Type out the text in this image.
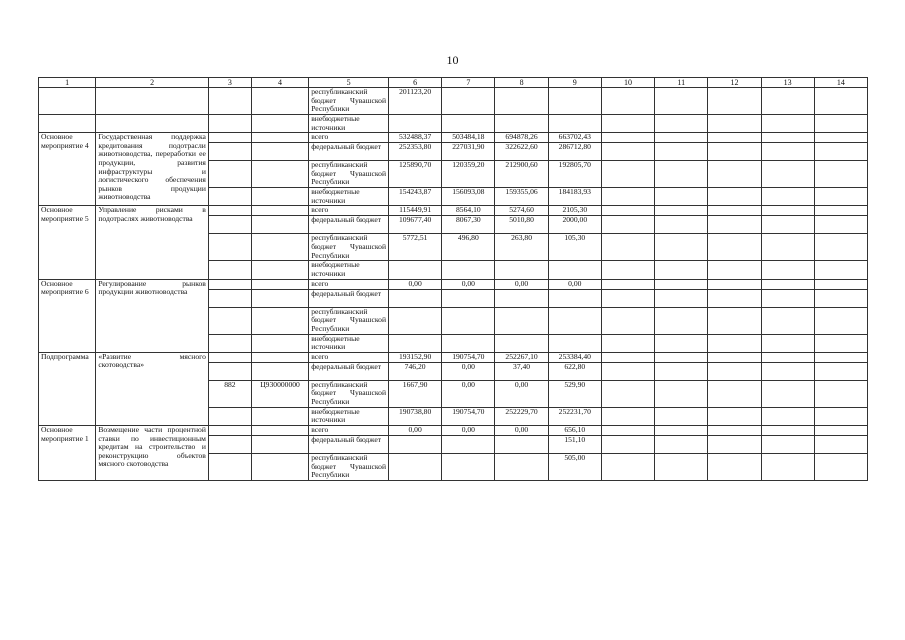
10
1	2	3	4	5	6	7	8	9	10	11	12	13	14
				республиканский бюджет Чувашской Республики	201123,20								
				внебюджетные источники									
Основное мероприятие 4	Государственная поддержка кредитования подотрасли животноводства, переработки ее продукции, развития инфраструктуры и логистического обеспечения рынков продукции животноводства			всего	532488,37	503484,18	694878,26	663702,43					
				федеральный бюджет	252353,80	227031,90	322622,60	286712,80					
				республиканский бюджет Чувашской Республики	125890,70	120359,20	212900,60	192805,70					
				внебюджетные источники	154243,87	156093,08	159355,06	184183,93					
Основное мероприятие 5	Управление рисками в подотраслях животноводства			всего	115449,91	8564,10	5274,60	2105,30					
				федеральный бюджет	109677,40	8067,30	5010,80	2000,00					
				республиканский бюджет Чувашской Республики	5772,51	496,80	263,80	105,30					
				внебюджетные источники									
Основное мероприятие 6	Регулирование рынков продукции животноводства			всего	0,00	0,00	0,00	0,00					
				федеральный бюджет									
				республиканский бюджет Чувашской Республики									
				внебюджетные источники									
Подпрограмма	«Развитие мясного скотоводства»			всего	193152,90	190754,70	252267,10	253384,40					
				федеральный бюджет	746,20	0,00	37,40	622,80					
		882	Ц930000000	республиканский бюджет Чувашской Республики	1667,90	0,00	0,00	529,90					
				внебюджетные источники	190738,80	190754,70	252229,70	252231,70					
Основное мероприятие 1	Возмещение части процентной ставки по инвестиционным кредитам на строительство и реконструкцию объектов мясного скотоводства			всего	0,00	0,00	0,00	656,10					
				федеральный бюджет				151,10					
				республиканский бюджет Чувашской Республики				505,00					
